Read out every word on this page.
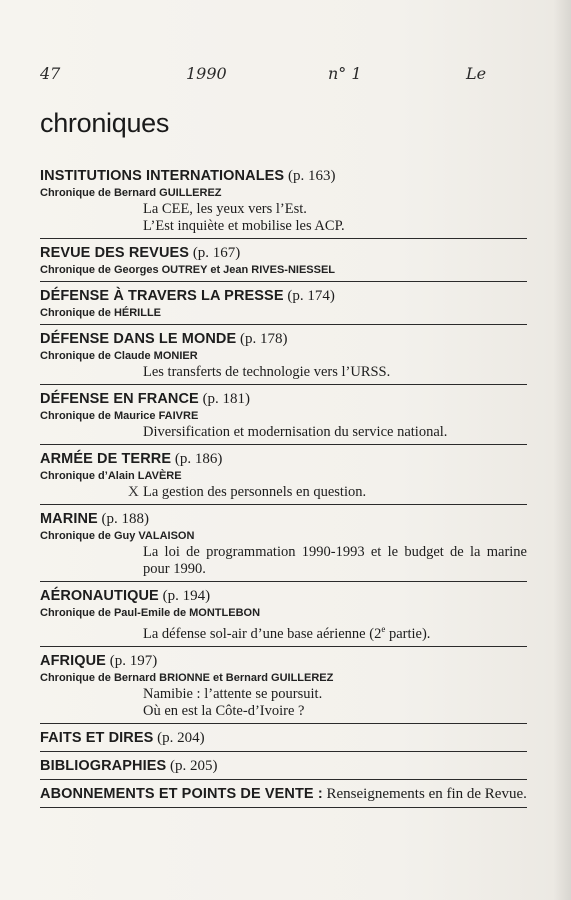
47	1990	n° 1	Le
chroniques
INSTITUTIONS INTERNATIONALES (p. 163)
Chronique de Bernard GUILLEREZ
La CEE, les yeux vers l’Est.
L’Est inquiète et mobilise les ACP.
REVUE DES REVUES (p. 167)
Chronique de Georges OUTREY et Jean RIVES-NIESSEL
DÉFENSE À TRAVERS LA PRESSE (p. 174)
Chronique de HÉRILLE
DÉFENSE DANS LE MONDE (p. 178)
Chronique de Claude MONIER
Les transferts de technologie vers l’URSS.
DÉFENSE EN FRANCE (p. 181)
Chronique de Maurice FAIVRE
Diversification et modernisation du service national.
ARMÉE DE TERRE (p. 186)
Chronique d’Alain LAVÈRE
X La gestion des personnels en question.
MARINE (p. 188)
Chronique de Guy VALAISON
La loi de programmation 1990-1993 et le budget de la marine pour 1990.
AÉRONAUTIQUE (p. 194)
Chronique de Paul-Emile de MONTLEBON
La défense sol-air d’une base aérienne (2e partie).
AFRIQUE (p. 197)
Chronique de Bernard BRIONNE et Bernard GUILLEREZ
Namibie : l’attente se poursuit.
Où en est la Côte-d’Ivoire ?
FAITS ET DIRES (p. 204)
BIBLIOGRAPHIES (p. 205)
ABONNEMENTS ET POINTS DE VENTE : Renseignements en fin de Revue.
